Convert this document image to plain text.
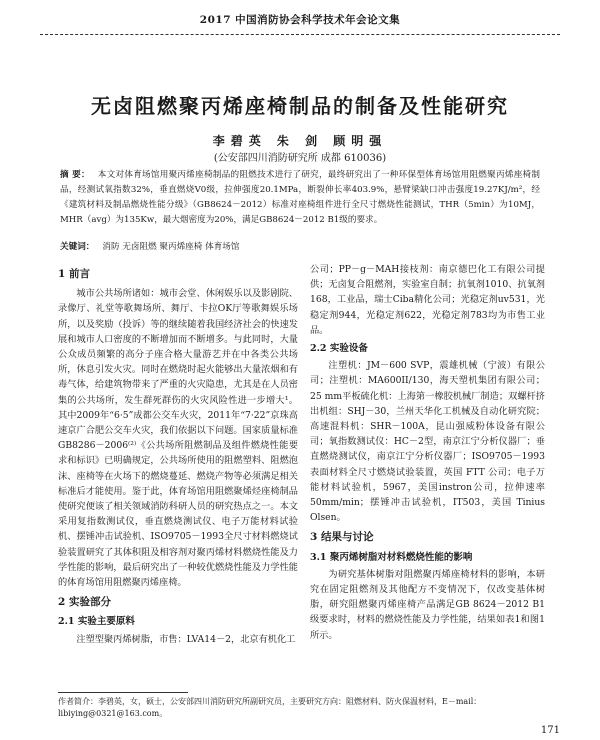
2017 中国消防协会科学技术年会论文集
无卤阻燃聚丙烯座椅制品的制备及性能研究
李碧英 朱 剑 顾明强
(公安部四川消防研究所 成都 610036)
摘 要： 本文对体育场馆用聚丙烯座椅制品的阻燃技术进行了研究，最终研究出了一种环保型体育场馆用阻燃聚丙烯座椅制品，经测试氧指数32%，垂直燃烧V0级，拉伸强度20.1MPa，断裂伸长率403.9%，悬臂梁缺口冲击强度19.27KJ/m²，经《建筑材料及制品燃烧性能分级》（GB8624－2012）标准对座椅组件进行全尺寸燃烧性能测试，THR（5min）为10MJ，MHR（avg）为135Kw，最大烟密度为20%，满足GB8624－2012 B1级的要求。
关键词： 消防 无卤阻燃 聚丙烯座椅 体育场馆
1 前言

城市公共场所诸如：城市会堂、休闲娱乐以及影剧院、录像厅、礼堂等歌舞场所、舞厅、卡拉OK厅等歌舞娱乐场所，以及奖励（投诉）等的继续随着我国经济社会的快速发展和城市人口密度的不断增加而不断增多。与此同时，大量公众成员频繁的高分子座合格大量游艺并在中各类公共场所，休息引发火灾。同时在燃烧时起火能够出大量浓烟和有毒气体，给建筑物带来了严重的火灾隐患，尤其是在人员密集的公共场所，发生群死群伤的火灾风险性进一步增大¹。其中2009年“6·5”成都公交车火灾，2011年“7·22”京珠高速京广合肥公交车火灾，我们依据以下问题。国家质量标准GB8286－2006⁽²⁾《公共场所阻燃制品及组件燃烧性能要求和标识》已明确规定，公共场所使用的阻燃塑料、阻燃泡沫、座椅等在火场下的燃烧蔓延、燃烧产物等必须满足相关标准后才能使用。鉴于此，体育场馆用阻燃聚烯烃座椅制品使研究便该了相关领域消防科研人员的研究热点之一。本文采用复指数测试仪，垂直燃烧测试仪、电子万能材料试验机、摆锤冲击试验机、ISO9705－1993全尺寸材料燃烧试验装置研究了其体积阻及相容剂对聚丙烯材料燃烧性能及力学性能的影响，最后研究出了一种较优燃烧性能及力学性能的体育场馆用阻燃聚丙烯座椅。

2 实验部分
2.1 实验主要原料

注塑型聚丙烯树脂，市售：LVA14－2，北京有机化工

公司；PP－g－MAH接枝剂：南京德巴化工有限公司提供；无卤复合阻燃剂，实验室自制；抗氧剂1010、抗氧剂168，工业品，瑞士Ciba精化公司；光稳定剂uv531，光稳定剂944，光稳定剂622，光稳定剂783均为市售工业品。

2.2 实验设备

注塑机：JM－600 SVP，震雄机械（宁波）有限公司；注塑机：MA600II/130，海天塑机集团有限公司；25 mm平板硫化机：上海第一橡胶机械厂制造；双螺杆挤出机组：SHJ－30，兰州天华化工机械及自动化研究院；高速混料机：SHR－100A，昆山强威粉体设备有限公司；氧指数测试仪：HC－2型，南京江宁分析仪器厂；垂直燃烧测试仪，南京江宁分析仪器厂；ISO9705－1993 表面材料全尺寸燃烧试验装置，英国 FTT 公司；电子万能材料试验机，5967，美国instron公司，拉伸速率50mm/min；摆锤冲击试验机，IT503，美国 Tinius Olsen。

3 结果与讨论
3.1 聚丙烯树脂对材料燃烧性能的影响

为研究基体树脂对阻燃聚丙烯座椅材料的影响，本研究在固定阻燃剂及其他配方不变情况下，仅改变基体树脂，研究阻燃聚丙烯座椅产品满足GB 8624－2012 B1级要求时，材料的燃烧性能及力学性能，结果如表1和图1所示。

作者简介：李碧英，女，硕士，公安部四川消防研究所副研究员，主要研究方向：阻燃材料、防火保温材料，E－mail：libiying@0321@163.com。
171
